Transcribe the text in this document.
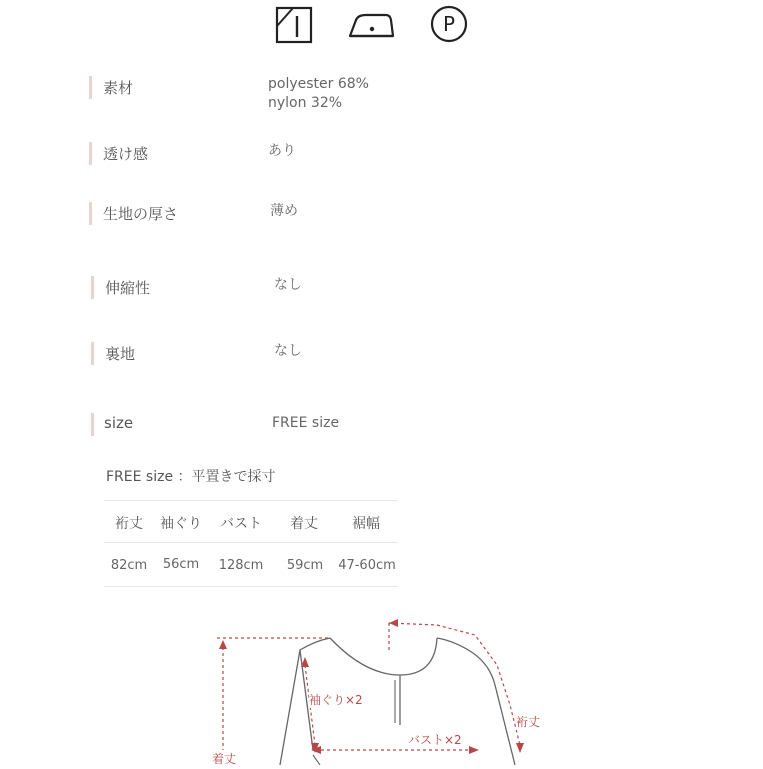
P
素材	polyester 68%
nylon 32%
透け感	あり
生地の厚さ	薄め
伸縮性	なし
裏地	なし
size	FREE size
FREE size ：平置きで採寸
裄丈	袖ぐり	バスト	着丈	裾幅
82cm 56cm	128cm	59cm 47-60cm
袖ぐり×2
バスト×2
裄丈
着丈
